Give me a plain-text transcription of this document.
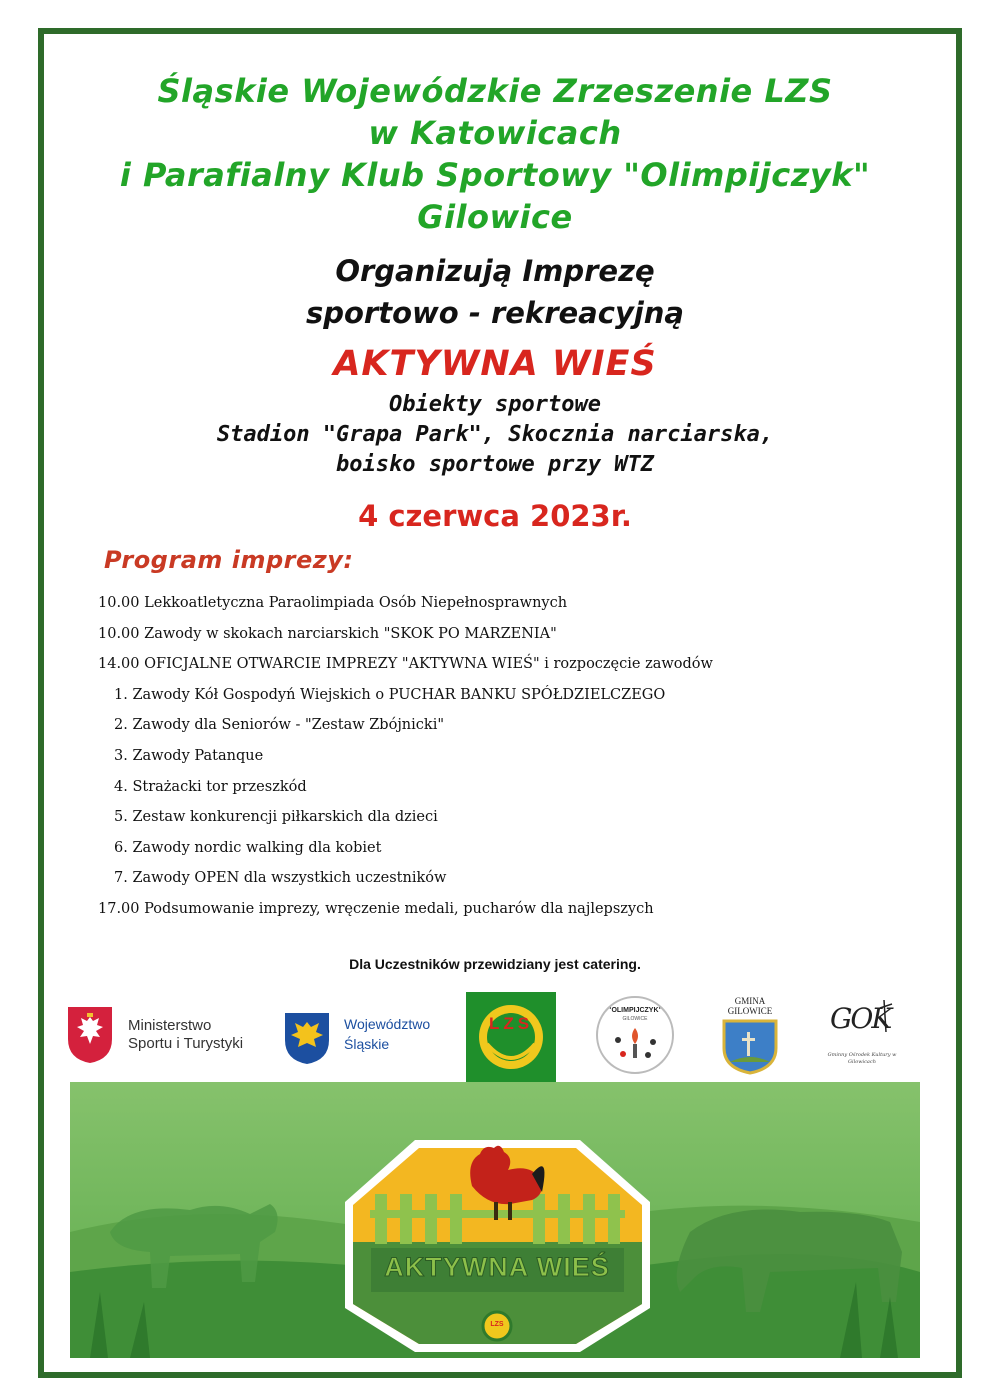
Śląskie Wojewódzkie Zrzeszenie LZS
w Katowicach
i Parafialny Klub Sportowy "Olimpijczyk"
Gilowice
Organizują Imprezę
sportowo - rekreacyjną
AKTYWNA WIEŚ
Obiekty sportowe
Stadion "Grapa Park", Skocznia narciarska,
boisko sportowe przy WTZ
4 czerwca 2023r.
Program imprezy:
10.00 Lekkoatletyczna Paraolimpiada Osób Niepełnosprawnych
10.00 Zawody w skokach narciarskich "SKOK PO MARZENIA"
14.00 OFICJALNE OTWARCIE IMPREZY "AKTYWNA WIEŚ" i rozpoczęcie zawodów
1. Zawody Kół Gospodyń Wiejskich o PUCHAR BANKU SPÓŁDZIELCZEGO
2. Zawody dla Seniorów - "Zestaw Zbójnicki"
3. Zawody Patanque
4. Strażacki tor przeszkód
5. Zestaw konkurencji piłkarskich dla dzieci
6. Zawody nordic walking dla kobiet
7. Zawody OPEN dla wszystkich uczestników
17.00 Podsumowanie imprezy, wręczenie medali, pucharów dla najlepszych
Dla Uczestników przewidziany jest catering.
Ministerstwo
Sportu i Turystyki
Województwo
Śląskie
LZS
"OLIMPIJCZYK"
GILOWICE
GMINA
GILOWICE	GOK
Gminny Ośrodek Kultury w Gilowicach
AKTYWNA WIEŚ
LZS
